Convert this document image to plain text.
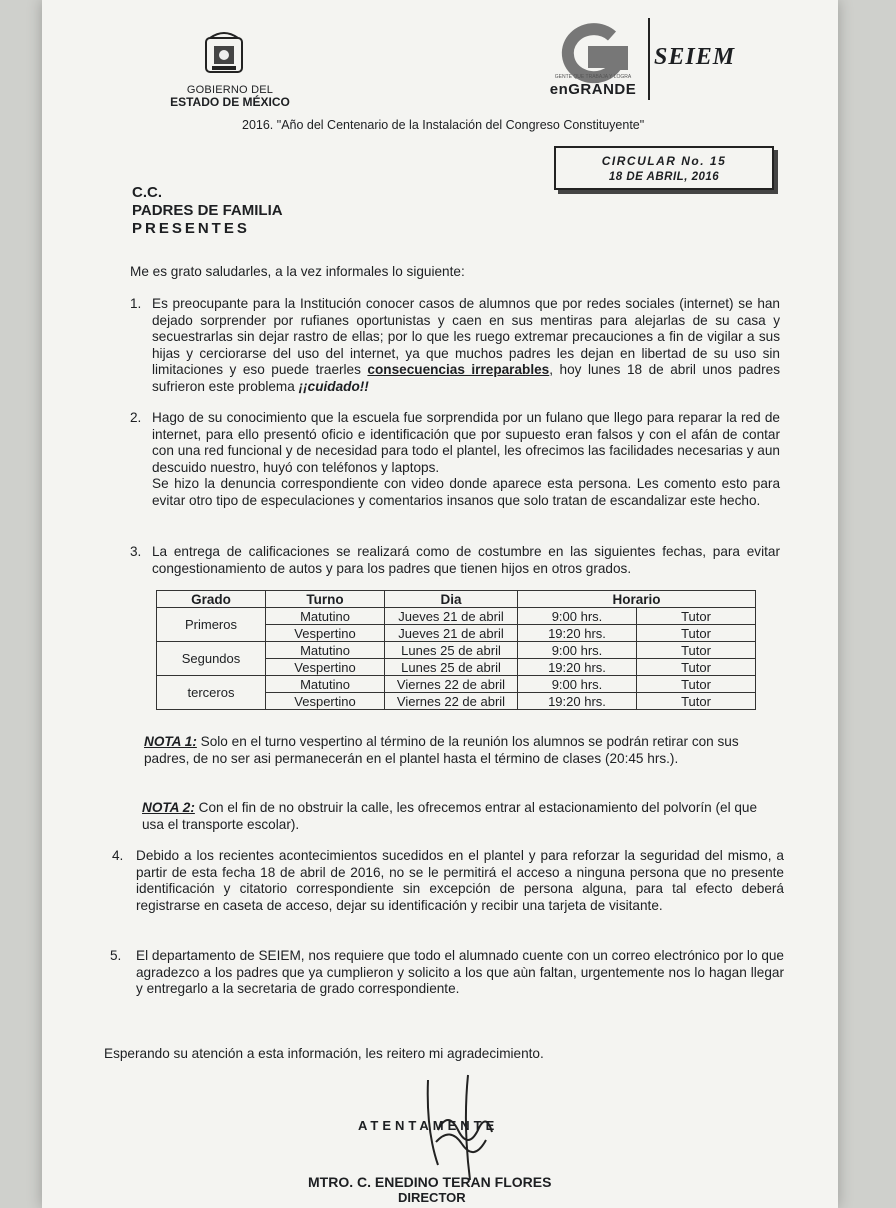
GOBIERNO DEL
ESTADO DE MÉXICO
GENTE QUE TRABAJA Y LOGRA
enGRANDE
SEIEM
2016. "Año del Centenario de la Instalación del Congreso Constituyente"
CIRCULAR No. 15
18 DE ABRIL, 2016
C.C.
PADRES DE FAMILIA
PRESENTES

Me es grato saludarles, a la vez informales lo siguiente:

1. Es preocupante para la Institución conocer casos de alumnos que por redes sociales (internet) se han dejado sorprender por rufianes oportunistas y caen en sus mentiras para alejarlas de su casa y secuestrarlas sin dejar rastro de ellas; por lo que les ruego extremar precauciones a fin de vigilar a sus hijas y cerciorarse del uso del internet, ya que muchos padres les dejan en libertad de su uso sin limitaciones y eso puede traerles consecuencias irreparables, hoy lunes 18 de abril unos padres sufrieron este problema ¡¡cuidado!!
2. Hago de su conocimiento que la escuela fue sorprendida por un fulano que llego para reparar la red de internet, para ello presentó oficio e identificación que por supuesto eran falsos y con el afán de contar con una red funcional y de necesidad para todo el plantel, les ofrecimos las facilidades necesarias y aun descuido nuestro, huyó con teléfonos y laptops.
Se hizo la denuncia correspondiente con video donde aparece esta persona. Les comento esto para evitar otro tipo de especulaciones y comentarios insanos que solo tratan de escandalizar este hecho.
3. La entrega de calificaciones se realizará como de costumbre en las siguientes fechas, para evitar congestionamiento de autos y para los padres que tienen hijos en otros grados.
NOTA 1: Solo en el turno vespertino al término de la reunión los alumnos se podrán retirar con sus padres, de no ser asi permanecerán en el plantel hasta el término de clases (20:45 hrs.).
NOTA 2: Con el fin de no obstruir la calle, les ofrecemos entrar al estacionamiento del polvorín (el que usa el transporte escolar).
4. Debido a los recientes acontecimientos sucedidos en el plantel y para reforzar la seguridad del mismo, a partir de esta fecha 18 de abril de 2016, no se le permitirá el acceso a ninguna persona que no presente identificación y citatorio correspondiente sin excepción de persona alguna, para tal efecto deberá registrarse en caseta de acceso, dejar su identificación y recibir una tarjeta de visitante.
5. El departamento de SEIEM, nos requiere que todo el alumnado cuente con un correo electrónico por lo que agradezco a los padres que ya cumplieron y solicito a los que aùn faltan, urgentemente nos lo hagan llegar y entregarlo a la secretaria de grado correspondiente.

Esperando su atención a esta información, les reitero mi agradecimiento.

Grado	Turno	Dia	Horario	
Primeros	Matutino	Jueves 21 de abril	9:00 hrs.	Tutor
	Vespertino	Jueves 21 de abril	19:20 hrs.	Tutor
Segundos	Matutino	Lunes 25 de abril	9:00 hrs.	Tutor
	Vespertino	Lunes 25 de abril	19:20 hrs.	Tutor
terceros	Matutino	Viernes 22 de abril	9:00 hrs.	Tutor
	Vespertino	Viernes 22 de abril	19:20 hrs.	Tutor
ATENTAMENTE
MTRO. C. ENEDINO TERAN FLORES
DIRECTOR
